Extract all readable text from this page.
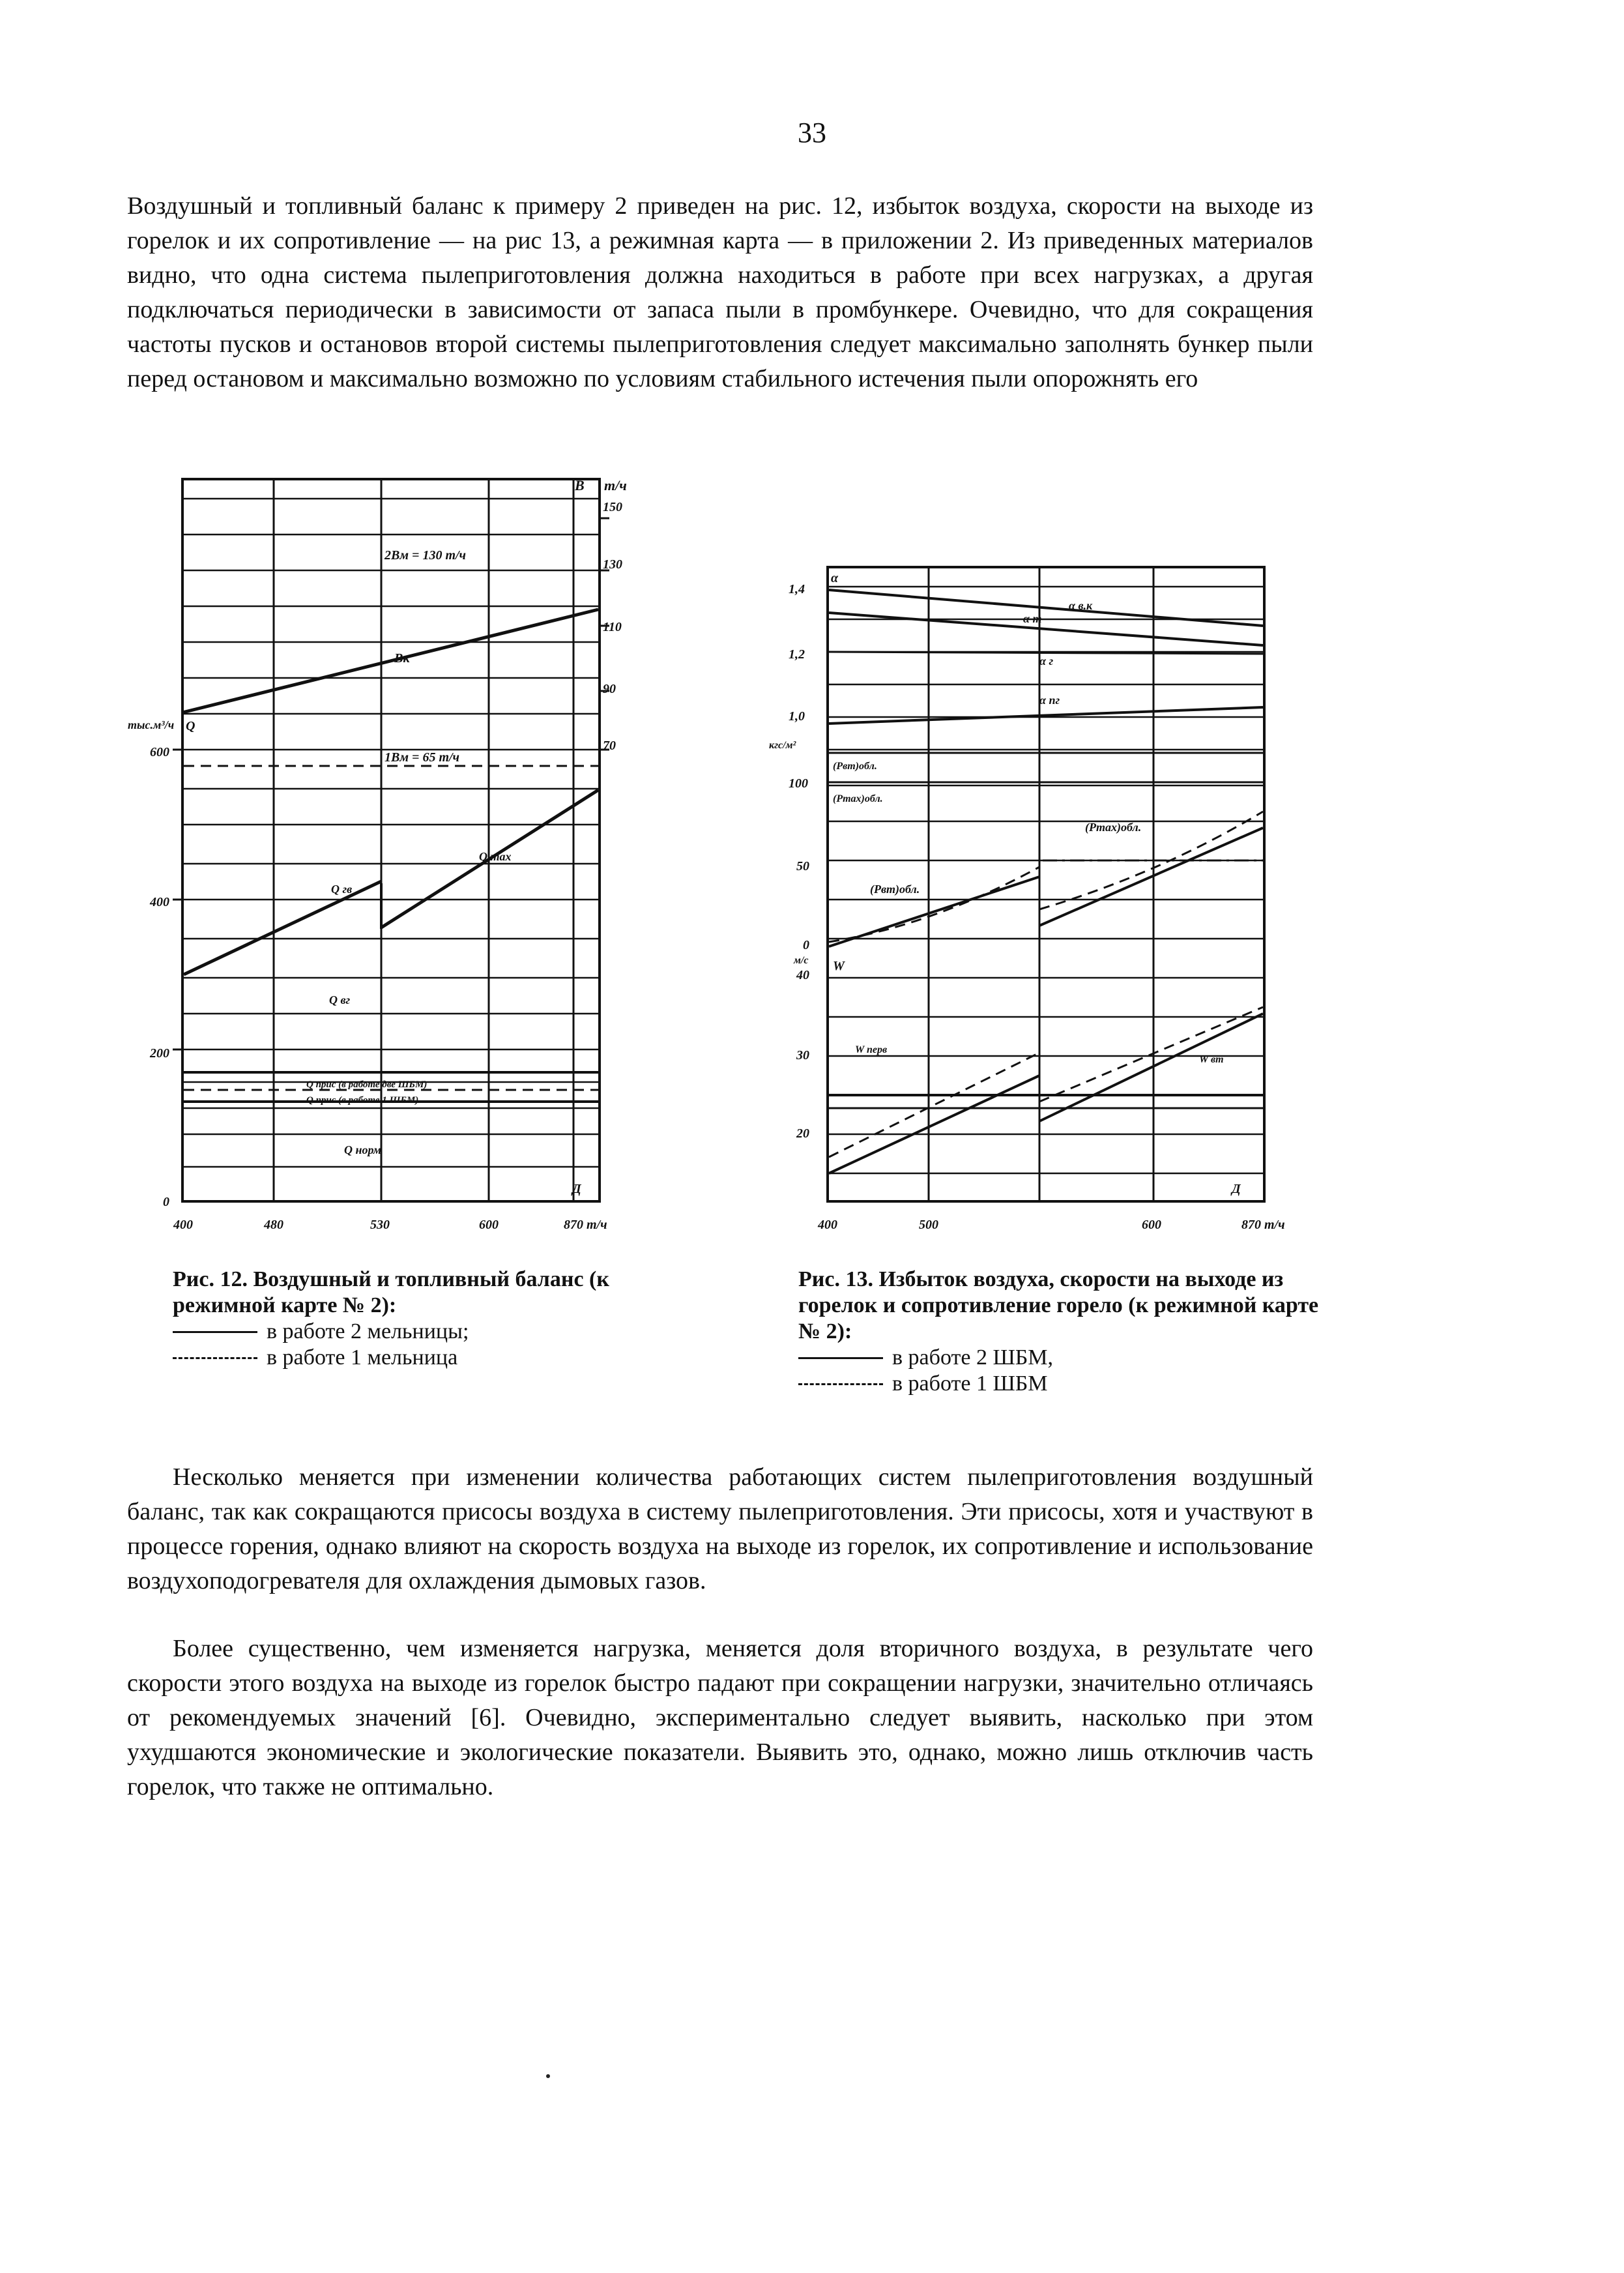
33

Воздушный и топливный баланс к примеру 2 приведен на рис. 12, избыток воздуха, скорости на выходе из горелок и их сопротивление — на рис 13, а режимная карта — в приложении 2. Из приведенных материалов видно, что одна система пылеприготовления должна находиться в работе при всех нагрузках, а другая подключаться периодически в зависимости от запаса пыли в промбункере. Очевидно, что для сокращения частоты пусков и остановов второй системы пылеприготовления следует максимально заполнять бункер пыли перед остановом и максимально возможно по условиям стабильного истечения пыли опорожнять его

B т/ч
150
130
110
90
70
2Bм = 130 т/ч
Bк
1Bм = 65 т/ч
тыс.м³/ч Q
600
400
200
0
Q гв
Q max
Q вг
Q прис (в работе две ШБМ)
Q прис (в работе 1 ШБМ)
Q норм
Д
400	480	530	600	870 т/ч
α
1,4
1,2
1,0
кгс/м²
100
50
0
м/с
40
30
20
α в.к
α т
α г
α пг
(Pвт)обл.
(Pmax)обл.
(Pmax)обл.
(Pвт)обл.
W
W перв
W вт
Д
400	500	600	870 т/ч
Рис. 12. Воздушный и топливный баланс (к режимной карте № 2):
в работе 2 мельницы;
в работе 1 мельница
Рис. 13. Избыток воздуха, скорости на выходе из горелок и сопротивление горело (к режимной карте № 2):
в работе 2 ШБМ,
в работе 1 ШБМ

Несколько меняется при изменении количества работающих систем пылеприготовления воздушный баланс, так как сокращаются присосы воздуха в систему пылеприготовления. Эти присосы, хотя и участвуют в процессе горения, однако влияют на скорость воздуха на выходе из горелок, их сопротивление и использование воздухоподогревателя для охлаждения дымовых газов.

Более существенно, чем изменяется нагрузка, меняется доля вторичного воздуха, в результате чего скорости этого воздуха на выходе из горелок быстро падают при сокращении нагрузки, значительно отличаясь от рекомендуемых значений [6]. Очевидно, экспериментально следует выявить, насколько при этом ухудшаются экономические и экологические показатели. Выявить это, однако, можно лишь отключив часть горелок, что также не оптимально.
